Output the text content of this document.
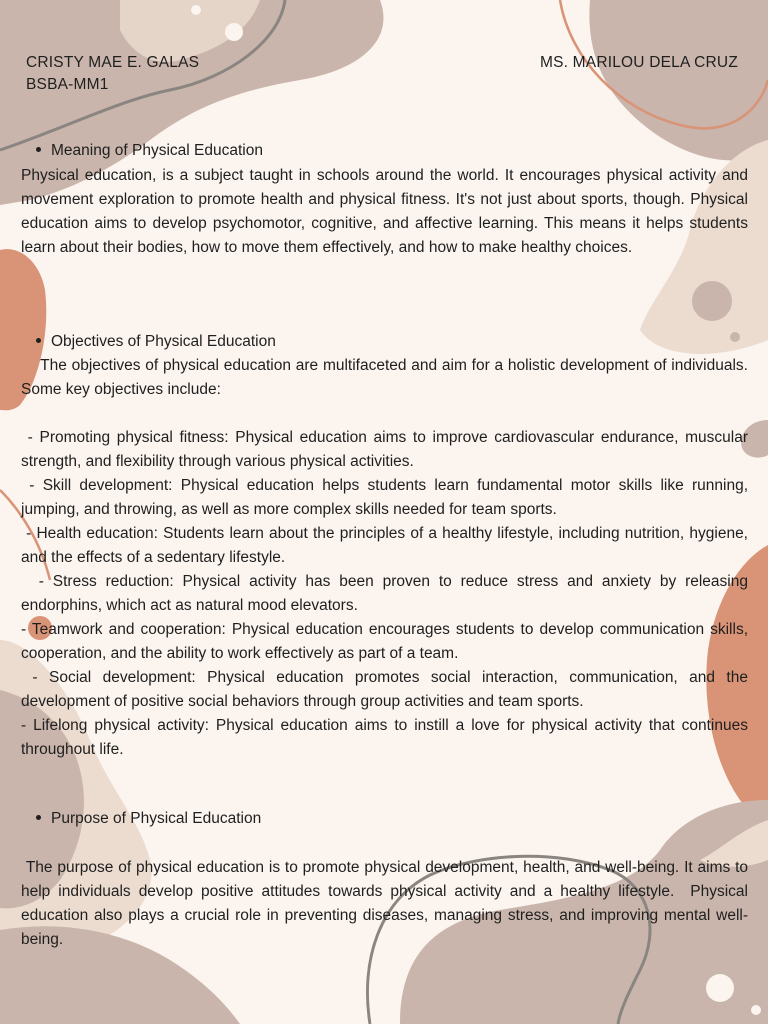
CRISTY MAE E. GALAS
BSBA-MM1
MS. MARILOU DELA CRUZ
Meaning of Physical Education

Physical education, is a subject taught in schools around the world. It encourages physical activity and movement exploration to promote health and physical fitness. It's not just about sports, though. Physical education aims to develop psychomotor, cognitive, and affective learning. This means it helps students learn about their bodies, how to move them effectively, and how to make healthy choices.

Objectives of Physical Education

The objectives of physical education are multifaceted and aim for a holistic development of individuals. Some key objectives include:

- Promoting physical fitness: Physical education aims to improve cardiovascular endurance, muscular strength, and flexibility through various physical activities.

- Skill development: Physical education helps students learn fundamental motor skills like running, jumping, and throwing, as well as more complex skills needed for team sports.

- Health education: Students learn about the principles of a healthy lifestyle, including nutrition, hygiene, and the effects of a sedentary lifestyle.

- Stress reduction: Physical activity has been proven to reduce stress and anxiety by releasing endorphins, which act as natural mood elevators.

- Teamwork and cooperation: Physical education encourages students to develop communication skills, cooperation, and the ability to work effectively as part of a team.

- Social development: Physical education promotes social interaction, communication, and the development of positive social behaviors through group activities and team sports.

- Lifelong physical activity: Physical education aims to instill a love for physical activity that continues throughout life.

Purpose of Physical Education

The purpose of physical education is to promote physical development, health, and well-being. It aims to help individuals develop positive attitudes towards physical activity and a healthy lifestyle.  Physical education also plays a crucial role in preventing diseases, managing stress, and improving mental well-being.
